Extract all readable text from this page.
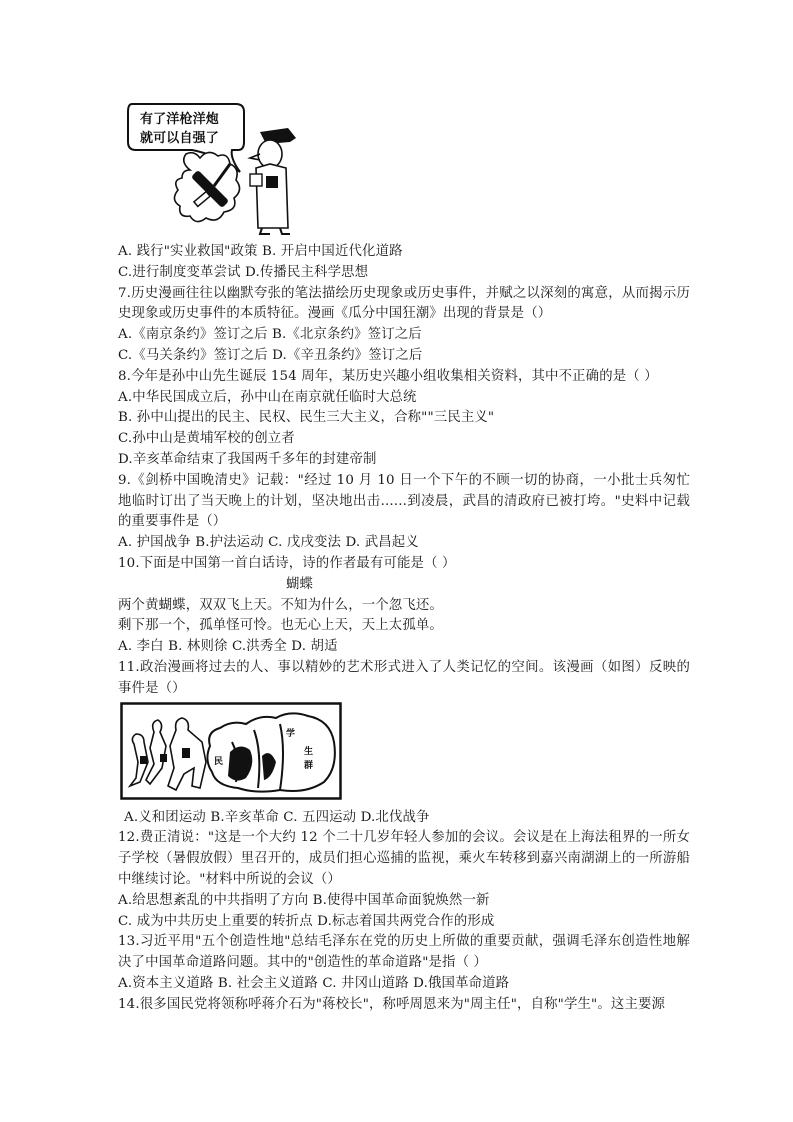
有了洋枪洋炮
就可以自强了
A. 践行"实业救国"政策 B. 开启中国近代化道路
C.进行制度变革尝试 D.传播民主科学思想
7.历史漫画往往以幽默夸张的笔法描绘历史现象或历史事件，并赋之以深刻的寓意，从而揭示历史现象或历史事件的本质特征。漫画《瓜分中国狂潮》出现的背景是（）
A.《南京条约》签订之后 B.《北京条约》签订之后
C.《马关条约》签订之后 D.《辛丑条约》签订之后
8.今年是孙中山先生诞辰 154 周年，某历史兴趣小组收集相关资料，其中不正确的是（ ）
A.中华民国成立后，孙中山在南京就任临时大总统
B. 孙中山提出的民主、民权、民生三大主义，合称""三民主义"
C.孙中山是黄埔军校的创立者
D.辛亥革命结束了我国两千多年的封建帝制
9.《剑桥中国晚清史》记载："经过 10 月 10 日一个下午的不顾一切的协商，一小批士兵匆忙地临时订出了当天晚上的计划，坚决地出击......到凌晨，武昌的清政府已被打垮。"史料中记载的重要事件是（）
A. 护国战争 B.护法运动 C. 戊戌变法 D. 武昌起义
10.下面是中国第一首白话诗，诗的作者最有可能是（ ）
蝴蝶
两个黄蝴蝶，双双飞上天。不知为什么，一个忽飞还。
剩下那一个，孤单怪可怜。也无心上天，天上太孤单。
A. 李白 B. 林则徐 C.洪秀全 D. 胡适
11.政治漫画将过去的人、事以精妙的艺术形式进入了人类记忆的空间。该漫画（如图）反映的事件是（）
民
学
生
群
A.义和团运动 B.辛亥革命 C. 五四运动 D.北伐战争
12.费正清说："这是一个大约 12 个二十几岁年轻人参加的会议。会议是在上海法租界的一所女子学校（暑假放假）里召开的，成员们担心巡捕的监视，乘火车转移到嘉兴南湖湖上的一所游船中继续讨论。"材料中所说的会议（）
A.给思想紊乱的中共指明了方向 B.使得中国革命面貌焕然一新
C. 成为中共历史上重要的转折点 D.标志着国共两党合作的形成
13.习近平用"五个创造性地"总结毛泽东在党的历史上所做的重要贡献，强调毛泽东创造性地解决了中国革命道路问题。其中的"创造性的革命道路"是指（ ）
A.资本主义道路 B. 社会主义道路 C. 井冈山道路 D.俄国革命道路
14.很多国民党将领称呼蒋介石为"蒋校长"，称呼周恩来为"周主任"，自称"学生"。这主要源
